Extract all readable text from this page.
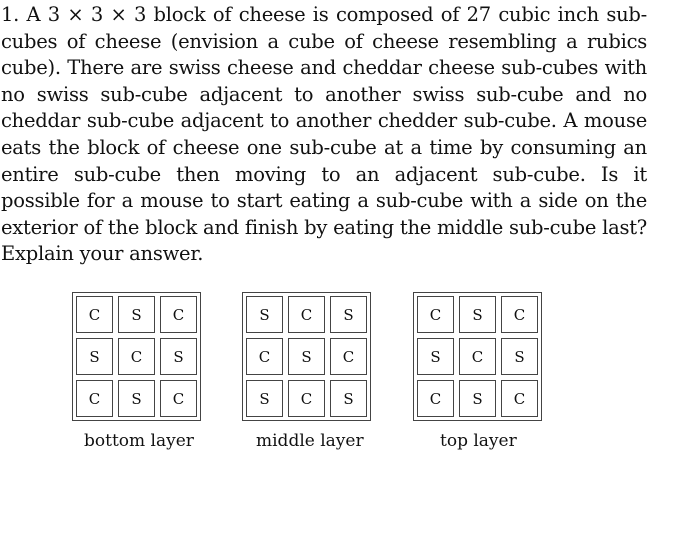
1. A 3 × 3 × 3 block of cheese is composed of 27 cubic inch sub-cubes of cheese (envision a cube of cheese resembling a rubics cube). There are swiss cheese and cheddar cheese sub-cubes with no swiss sub-cube adjacent to another swiss sub-cube and no cheddar sub-cube adjacent to another chedder sub-cube. A mouse eats the block of cheese one sub-cube at a time by consuming an entire sub-cube then moving to an adjacent sub-cube. Is it possible for a mouse to start eating a sub-cube with a side on the exterior of the block and finish by eating the middle sub-cube last? Explain your answer.

C	S	C
S	C	S
C	S	C
bottom layer
S	C	S
C	S	C
S	C	S
middle layer
C	S	C
S	C	S
C	S	C
top layer
